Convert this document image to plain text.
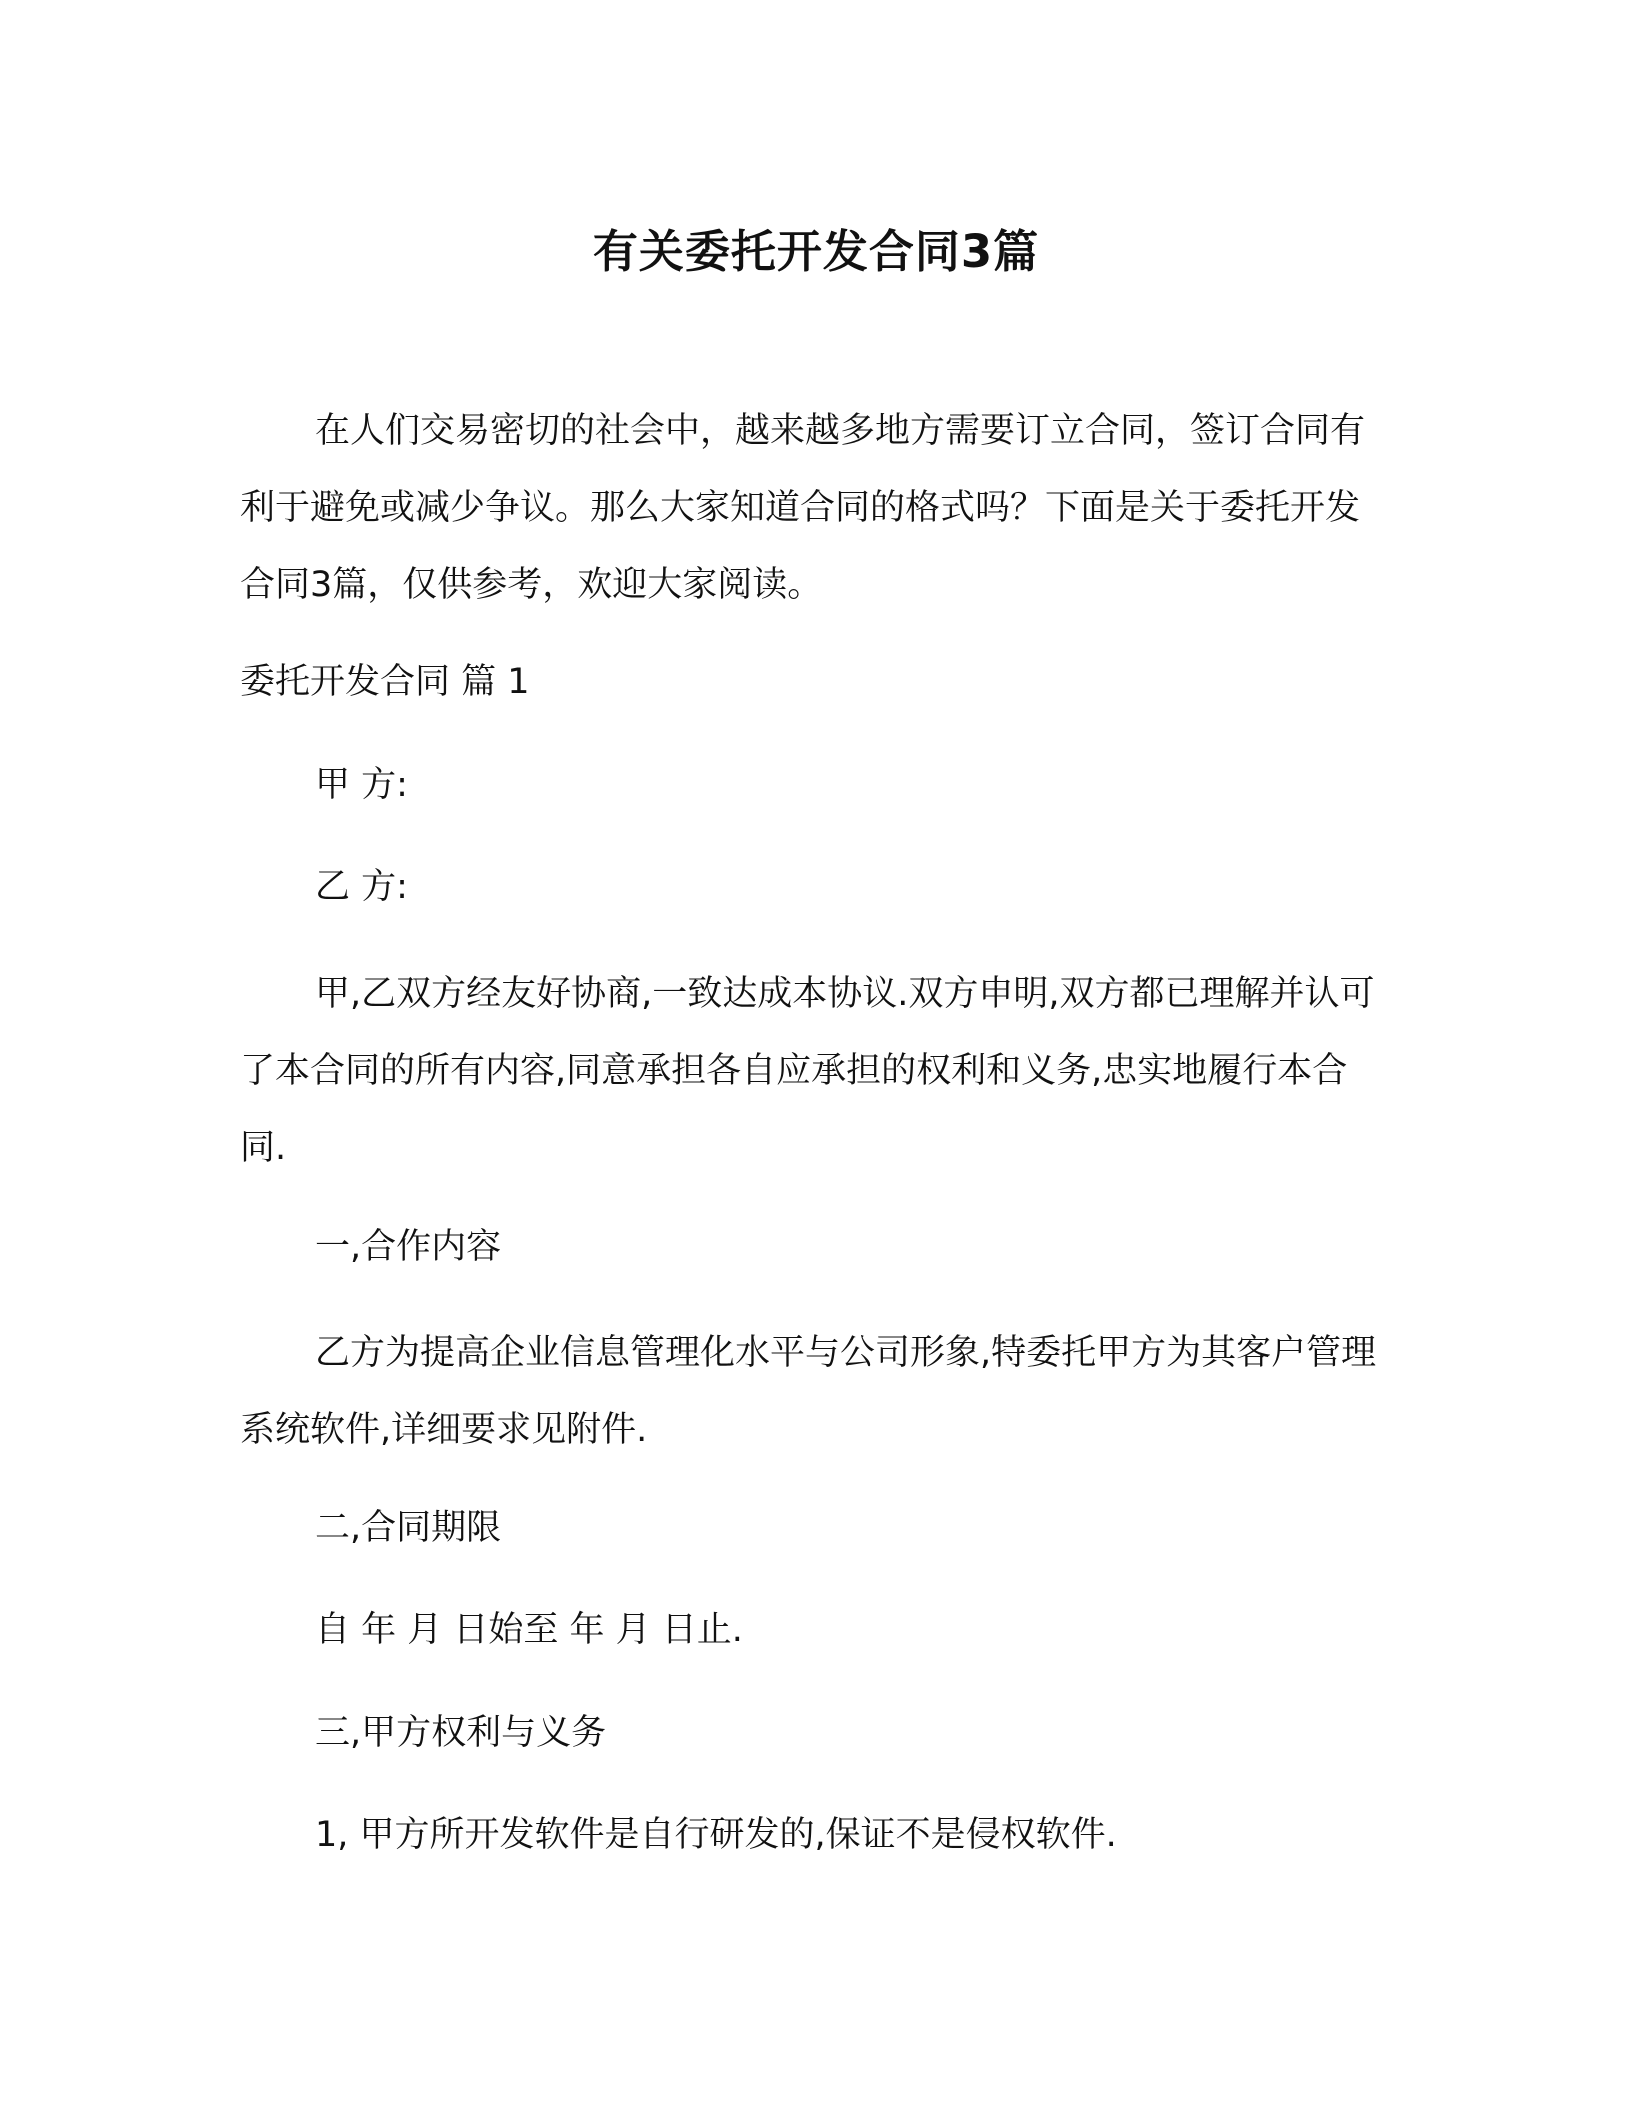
有关委托开发合同3篇

在人们交易密切的社会中，越来越多地方需要订立合同，签订合同有利于避免或减少争议。那么大家知道合同的格式吗？下面是关于委托开发合同3篇，仅供参考，欢迎大家阅读。

委托开发合同 篇 1
甲 方:
乙 方:

甲,乙双方经友好协商,一致达成本协议.双方申明,双方都已理解并认可了本合同的所有内容,同意承担各自应承担的权利和义务,忠实地履行本合同.

一,合作内容

乙方为提高企业信息管理化水平与公司形象,特委托甲方为其客户管理系统软件,详细要求见附件.

二,合同期限
自 年 月 日始至 年 月 日止.
三,甲方权利与义务
1, 甲方所开发软件是自行研发的,保证不是侵权软件.
